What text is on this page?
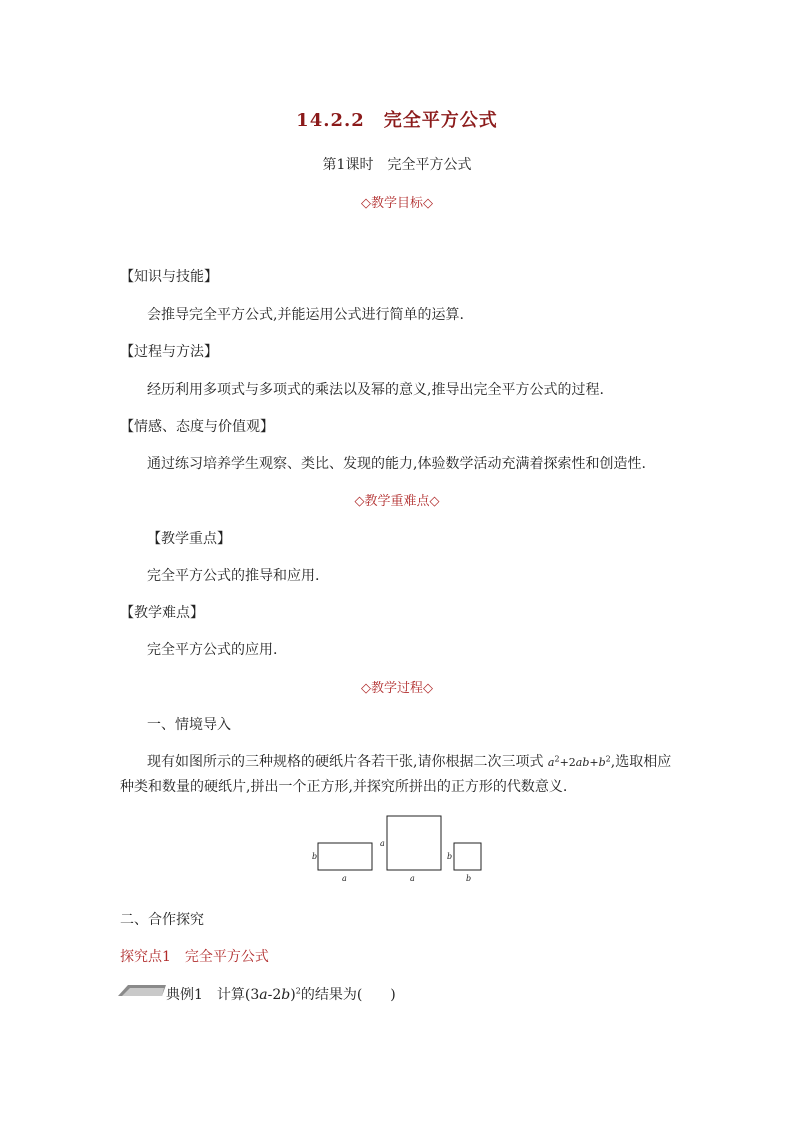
14.2.2　完全平方公式
第1课时　完全平方公式
◇教学目标◇
【知识与技能】
会推导完全平方公式,并能运用公式进行简单的运算.
【过程与方法】
经历利用多项式与多项式的乘法以及幂的意义,推导出完全平方公式的过程.
【情感、态度与价值观】
通过练习培养学生观察、类比、发现的能力,体验数学活动充满着探索性和创造性.
◇教学重难点◇
【教学重点】
完全平方公式的推导和应用.
【教学难点】
完全平方公式的应用.
◇教学过程◇
一、情境导入
现有如图所示的三种规格的硬纸片各若干张,请你根据二次三项式 $a^2+2ab+b^2$,选取相应
种类和数量的硬纸片,拼出一个正方形,并探究所拼出的正方形的代数意义.
b
a
a
a
b
b
二、合作探究
探究点1　完全平方公式
典例1　 计算$(3a-2b)^2$的结果为(　　)
